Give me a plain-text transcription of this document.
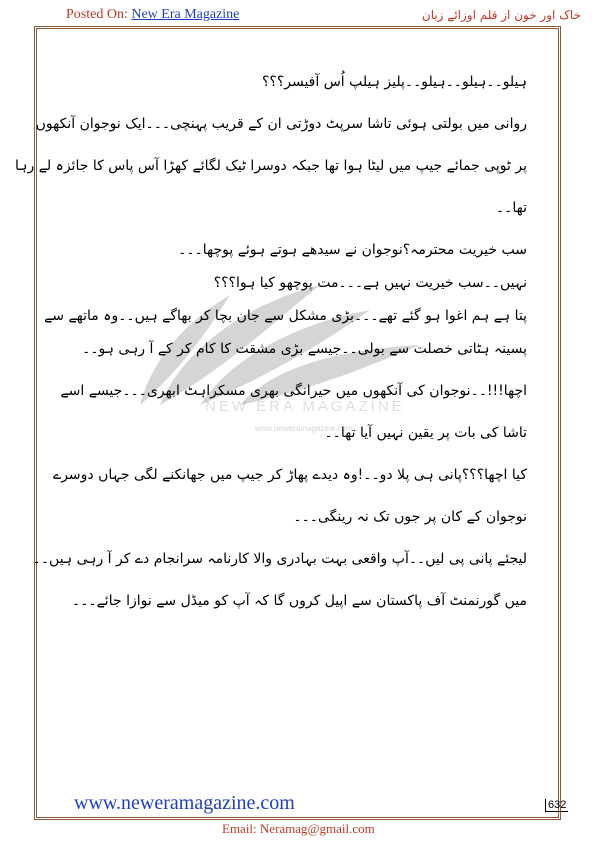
Posted On: New Era Magazine	خاک اور خون از قلم اوزائے زبان
NEW ERA MAGAZINE
www.neweramagazine.com
ہیلو۔۔ہیلو۔۔ہیلو۔۔پلیز ہیلپ اُس آفیسر؟؟؟
روانی میں بولتی ہوئی تاشا سرپٹ دوڑتی ان کے قریب پہنچی۔۔۔ایک نوجوان آنکھوں
پر ٹوپی جمائے جیپ میں لیٹا ہوا تھا جبکہ دوسرا ٹیک لگائے کھڑا آس پاس کا جائزہ لے رہا
تھا۔۔
سب خیریت محترمہ؟نوجوان نے سیدھے ہوتے ہوئے پوچھا۔۔۔
نہیں۔۔سب خیریت نہیں ہے۔۔۔مت پوچھو کیا ہوا؟؟؟
پتا ہے ہم اغوا ہو گئے تھے۔۔۔بڑی مشکل سے جان بچا کر بھاگے ہیں۔۔وہ ماتھے سے
پسینہ ہٹاتی خصلت سے بولی۔۔جیسے بڑی مشقت کا کام کر کے آ رہی ہو۔۔
اچھا!!!۔۔نوجوان کی آنکھوں میں حیرانگی بھری مسکراہٹ ابھری۔۔۔جیسے اسے
تاشا کی بات پر یقین نہیں آیا تھا۔۔
کیا اچھا؟؟؟پانی ہی پلا دو۔۔!وہ دیدے پھاڑ کر جیپ میں جھانکنے لگی جہاں دوسرے
نوجوان کے کان پر جوں تک نہ رینگی۔۔۔
لیجئے پانی پی لیں۔۔آپ واقعی بہت بہادری والا کارنامہ سرانجام دے کر آ رہی ہیں۔۔
میں گورنمنٹ آف پاکستان سے اپیل کروں گا کہ آپ کو میڈل سے نوازا جائے۔۔۔
www.neweramagazine.com	632
Email: Neramag@gmail.com
